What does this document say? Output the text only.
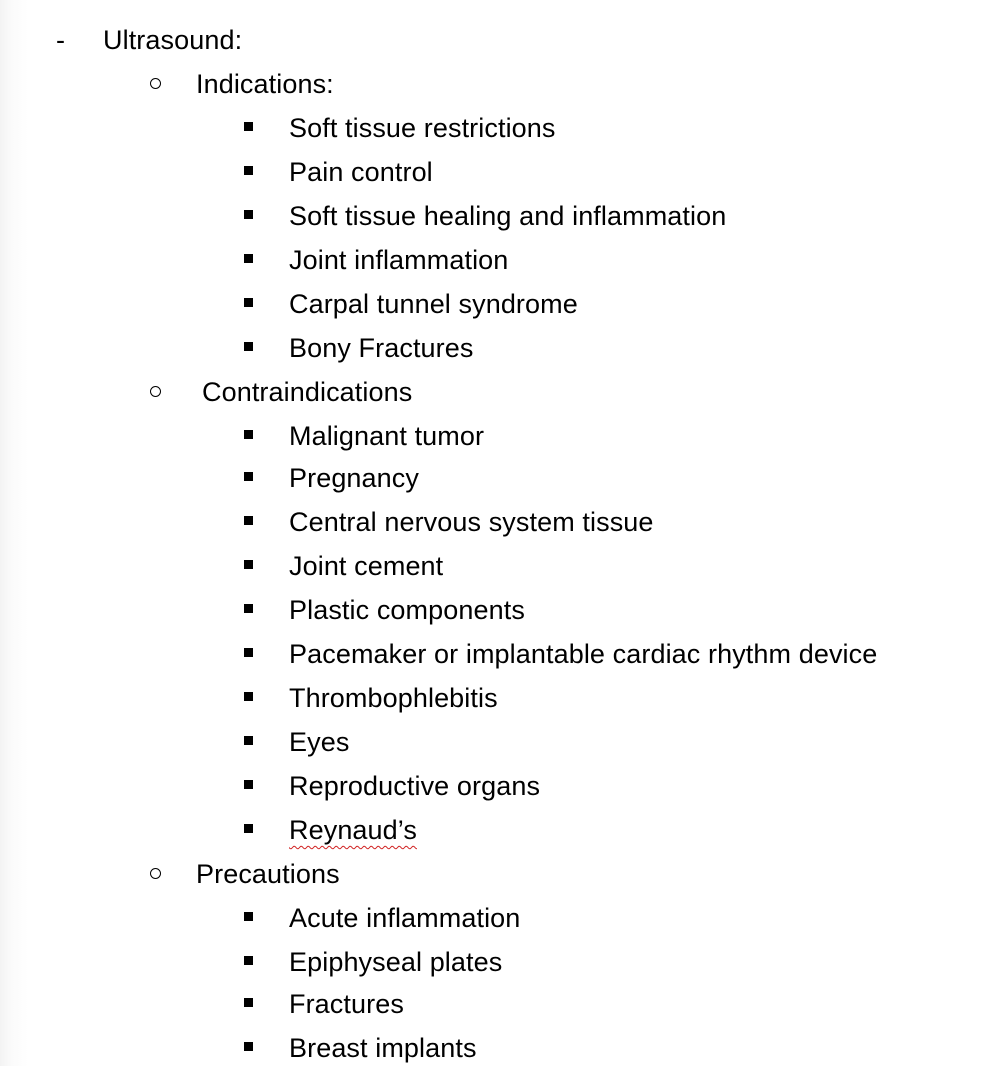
- Ultrasound:
Indications:
Soft tissue restrictions
Pain control
Soft tissue healing and inflammation
Joint inflammation
Carpal tunnel syndrome
Bony Fractures
Contraindications
Malignant tumor
Pregnancy
Central nervous system tissue
Joint cement
Plastic components
Pacemaker or implantable cardiac rhythm device
Thrombophlebitis
Eyes
Reproductive organs
Reynaud’s
Precautions
Acute inflammation
Epiphyseal plates
Fractures
Breast implants
